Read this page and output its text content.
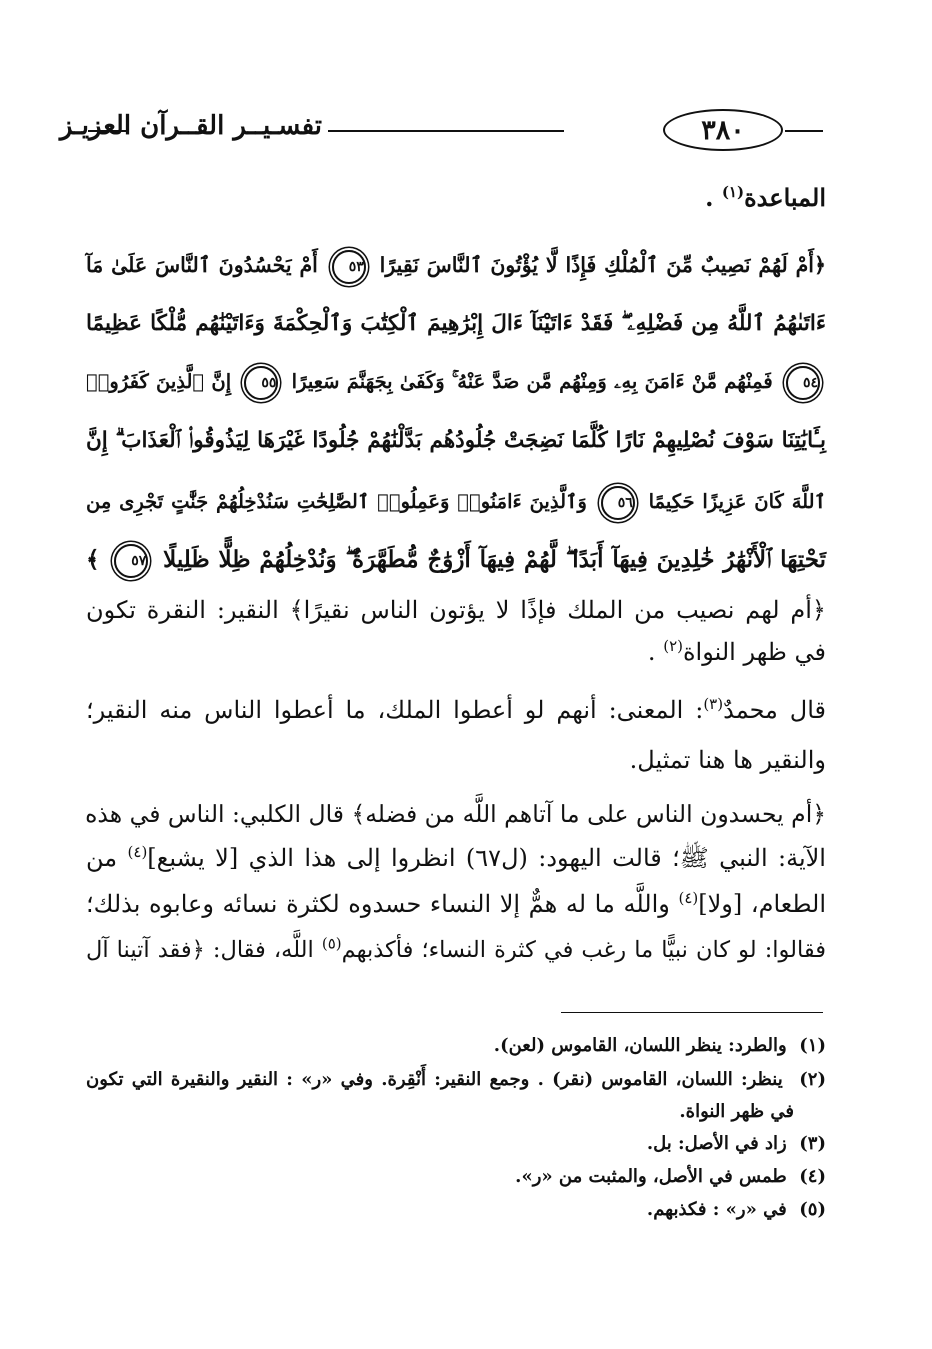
٣٨٠
تفسـيــر القــرآن العزيـز
المباعدة$^{(١)}$ .
﴿أَمْ لَهُمْ نَصِيبٌ مِّنَ ٱلْمُلْكِ فَإِذًا لَّا يُؤْتُونَ ٱلنَّاسَ نَقِيرًا ٥٣ أَمْ يَحْسُدُونَ ٱلنَّاسَ عَلَىٰ مَآ
ءَاتَىٰهُمُ ٱللَّهُ مِن فَضْلِهِۦ ۖ فَقَدْ ءَاتَيْنَآ ءَالَ إِبْرَٰهِيمَ ٱلْكِتَٰبَ وَٱلْحِكْمَةَ وَءَاتَيْنَٰهُم مُّلْكًا عَظِيمًا
٥٤ فَمِنْهُم مَّنْ ءَامَنَ بِهِۦ وَمِنْهُم مَّن صَدَّ عَنْهُ ۚ وَكَفَىٰ بِجَهَنَّمَ سَعِيرًا ٥٥ إِنَّ ٱلَّذِينَ كَفَرُوا۟
بِـَٔايَٰتِنَا سَوْفَ نُصْلِيهِمْ نَارًا كُلَّمَا نَضِجَتْ جُلُودُهُم بَدَّلْنَٰهُمْ جُلُودًا غَيْرَهَا لِيَذُوقُوا۟ ٱلْعَذَابَ ۗ إِنَّ
ٱللَّهَ كَانَ عَزِيزًا حَكِيمًا ٥٦ وَٱلَّذِينَ ءَامَنُوا۟ وَعَمِلُوا۟ ٱلصَّٰلِحَٰتِ سَنُدْخِلُهُمْ جَنَّٰتٍ تَجْرِى مِن
تَحْتِهَا ٱلْأَنْهَٰرُ خَٰلِدِينَ فِيهَآ أَبَدًا ۖ لَّهُمْ فِيهَآ أَزْوَٰجٌ مُّطَهَّرَةٌ ۖ وَنُدْخِلُهُمْ ظِلًّا ظَلِيلًا ٥٧ ﴾
﴿أم لهم نصيب من الملك فإذًا لا يؤتون الناس نقيرًا﴾ النقير: النقرة تكون
في ظهر النواة$^{(٢)}$ .
قال محمدٌ$^{(٣)}$: المعنى: أنهم لو أعطوا الملك، ما أعطوا الناس منه النقير؛
والنقير ها هنا تمثيل.
﴿أم يحسدون الناس على ما آتاهم اللَّه من فضله﴾ قال الكلبي: الناس في هذه
الآية: النبي ﷺ؛ قالت اليهود: (ل٦٧) انظروا إلى هذا الذي [لا يشبع]$^{(٤)}$ من
الطعام، [ولا]$^{(٤)}$ واللَّه ما له همٌّ إلا النساء حسدوه لكثرة نسائه وعابوه بذلك؛
فقالوا: لو كان نبيًّا ما رغب في كثرة النساء؛ فأكذبهم$^{(٥)}$ اللَّه، فقال: ﴿فقد آتينا آل
(١)  والطرد: ينظر اللسان، القاموس (لعن).
(٢)  ينظر: اللسان، القاموس (نقر) . وجمع النقير: أَنْقِرة. وفي «ر» : النقير والنقيرة التي تكون
في ظهر النواة.
(٣)  زاد في الأصل: بل.
(٤)  طمس في الأصل، والمثبت من «ر».
(٥)  في «ر» : فكذبهم.
